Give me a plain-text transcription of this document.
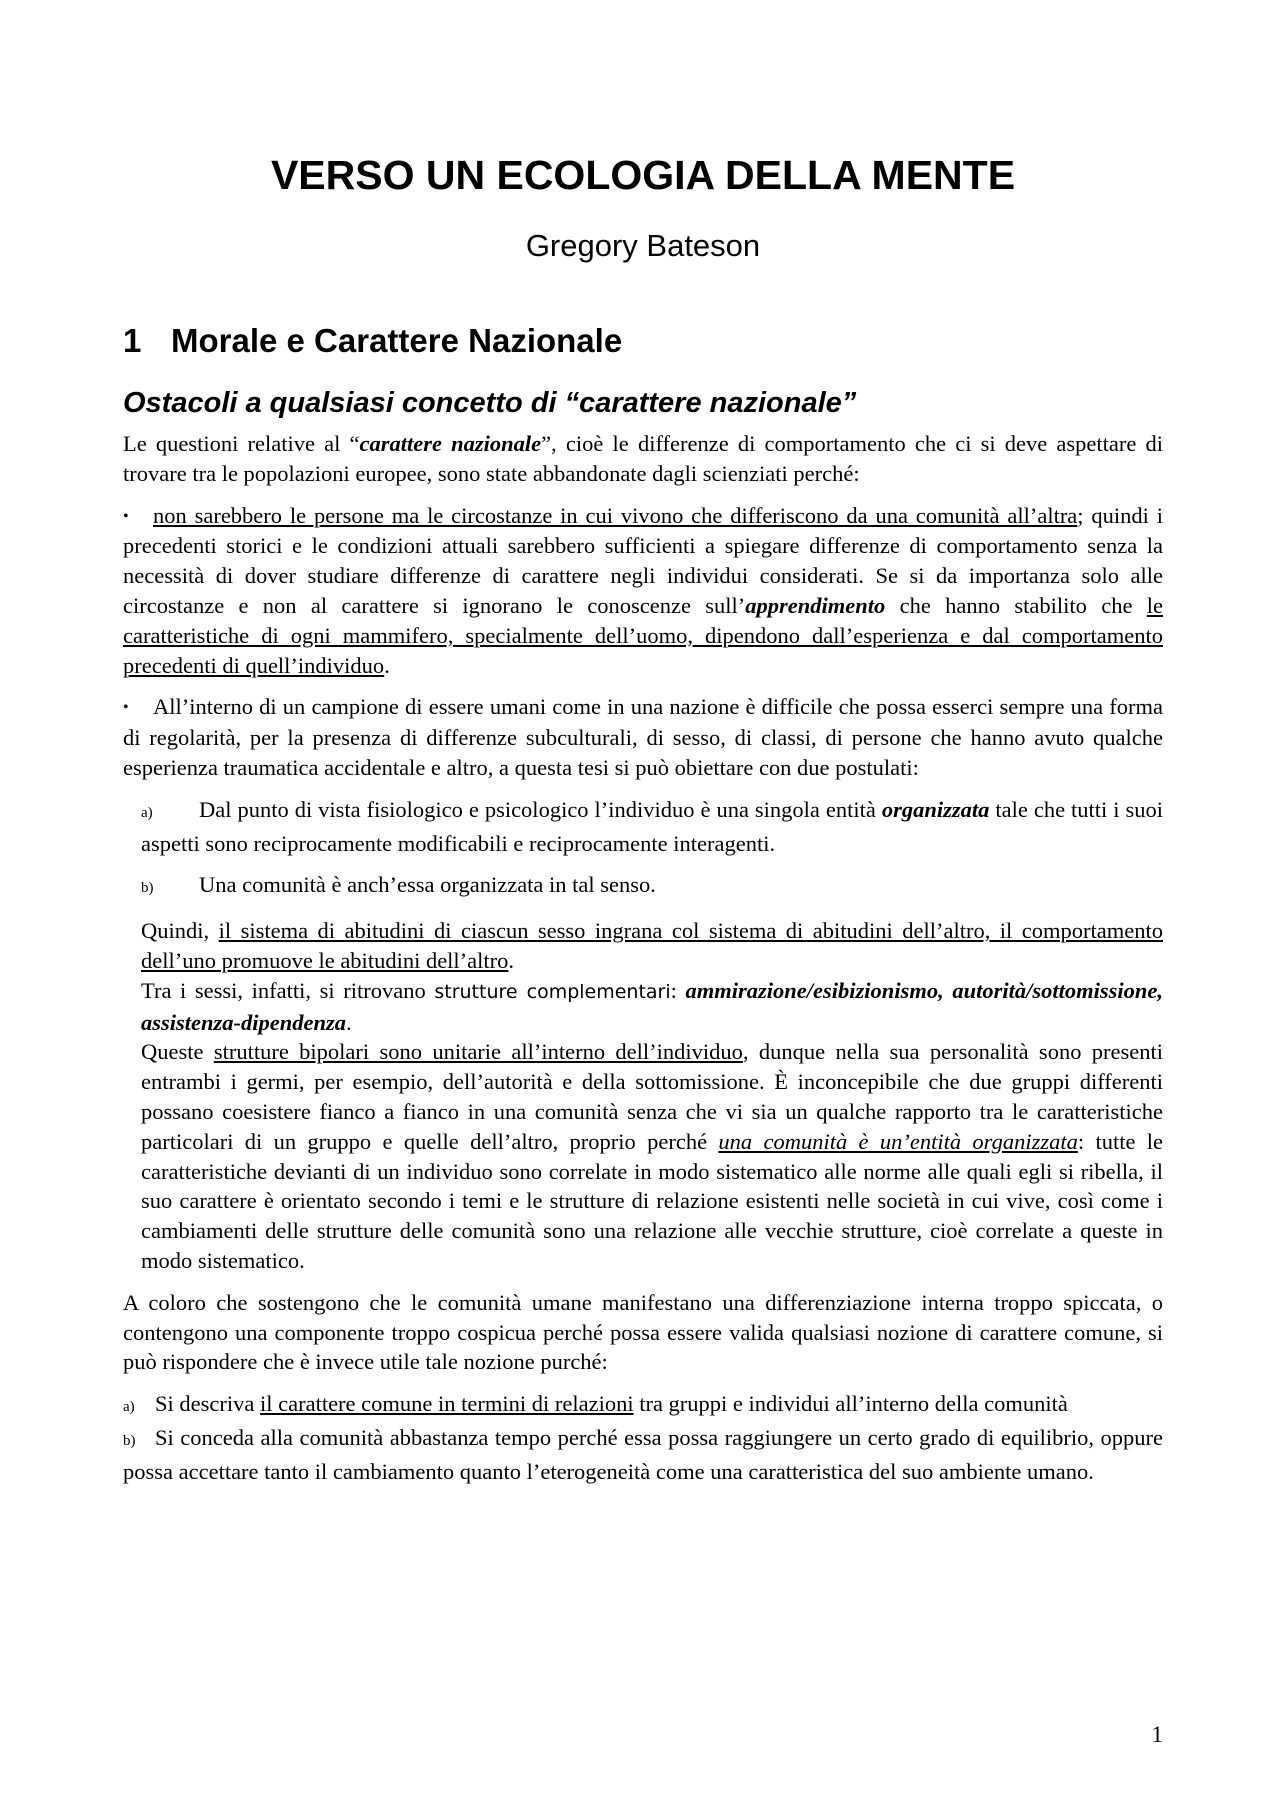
VERSO UN ECOLOGIA DELLA MENTE
Gregory Bateson
1 Morale e Carattere Nazionale
Ostacoli a qualsiasi concetto di “carattere nazionale”

Le questioni relative al “carattere nazionale”, cioè le differenze di comportamento che ci si deve aspettare di trovare tra le popolazioni europee, sono state abbandonate dagli scienziati perché:

• non sarebbero le persone ma le circostanze in cui vivono che differiscono da una comunità all’altra; quindi i precedenti storici e le condizioni attuali sarebbero sufficienti a spiegare differenze di comportamento senza la necessità di dover studiare differenze di carattere negli individui considerati. Se si da importanza solo alle circostanze e non al carattere si ignorano le conoscenze sull’apprendimento che hanno stabilito che le caratteristiche di ogni mammifero, specialmente dell’uomo, dipendono dall’esperienza e dal comportamento precedenti di quell’individuo.

• All’interno di un campione di essere umani come in una nazione è difficile che possa esserci sempre una forma di regolarità, per la presenza di differenze subculturali, di sesso, di classi, di persone che hanno avuto qualche esperienza traumatica accidentale e altro, a questa tesi si può obiettare con due postulati:

a) Dal punto di vista fisiologico e psicologico l’individuo è una singola entità organizzata tale che tutti i suoi aspetti sono reciprocamente modificabili e reciprocamente interagenti.

b) Una comunità è anch’essa organizzata in tal senso.

Quindi, il sistema di abitudini di ciascun sesso ingrana col sistema di abitudini dell’altro, il comportamento dell’uno promuove le abitudini dell’altro.

Tra i sessi, infatti, si ritrovano strutture complementari: ammirazione/esibizionismo, autorità/sottomissione, assistenza-dipendenza.

Queste strutture bipolari sono unitarie all’interno dell’individuo, dunque nella sua personalità sono presenti entrambi i germi, per esempio, dell’autorità e della sottomissione. È inconcepibile che due gruppi differenti possano coesistere fianco a fianco in una comunità senza che vi sia un qualche rapporto tra le caratteristiche particolari di un gruppo e quelle dell’altro, proprio perché una comunità è un’entità organizzata: tutte le caratteristiche devianti di un individuo sono correlate in modo sistematico alle norme alle quali egli si ribella, il suo carattere è orientato secondo i temi e le strutture di relazione esistenti nelle società in cui vive, così come i cambiamenti delle strutture delle comunità sono una relazione alle vecchie strutture, cioè correlate a queste in modo sistematico.

A coloro che sostengono che le comunità umane manifestano una differenziazione interna troppo spiccata, o contengono una componente troppo cospicua perché possa essere valida qualsiasi nozione di carattere comune, si può rispondere che è invece utile tale nozione purché:

a) Si descriva il carattere comune in termini di relazioni tra gruppi e individui all’interno della comunità

b) Si conceda alla comunità abbastanza tempo perché essa possa raggiungere un certo grado di equilibrio, oppure possa accettare tanto il cambiamento quanto l’eterogeneità come una caratteristica del suo ambiente umano.

1
